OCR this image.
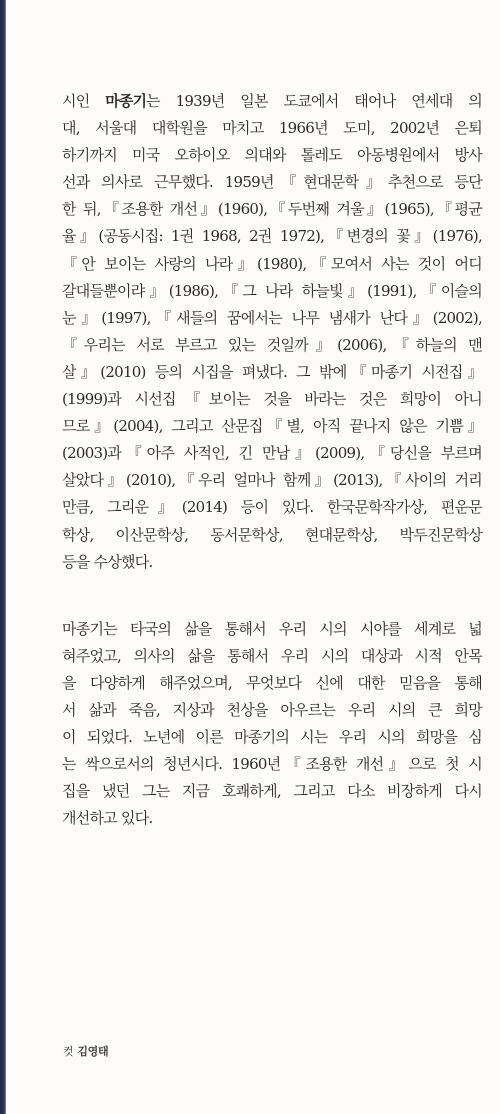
시인 마종기는 1939년 일본 도쿄에서 태어나 연세대 의
대, 서울대 대학원을 마치고 1966년 도미, 2002년 은퇴
하기까지 미국 오하이오 의대와 톨레도 아동병원에서 방사
선과 의사로 근무했다. 1959년『현대문학』추천으로 등단
한 뒤,『조용한 개선』(1960),『두번째 겨울』(1965),『평균
율』(공동시집: 1권 1968, 2권 1972),『변경의 꽃』(1976),
『안 보이는 사랑의 나라』(1980),『모여서 사는 것이 어디
갈대들뿐이랴』(1986),『그 나라 하늘빛』(1991),『이슬의
눈』(1997),『새들의 꿈에서는 나무 냄새가 난다』(2002),
『우리는 서로 부르고 있는 것일까』(2006),『하늘의 맨
살』(2010) 등의 시집을 펴냈다. 그 밖에『마종기 시전집』
(1999)과 시선집『보이는 것을 바라는 것은 희망이 아니
므로』(2004), 그리고 산문집『별, 아직 끝나지 않은 기쁨』
(2003)과『아주 사적인, 긴 만남』(2009),『당신을 부르며
살았다』(2010),『우리 얼마나 함께』(2013),『사이의 거리
만큼, 그리운』(2014) 등이 있다. 한국문학작가상, 편운문
학상, 이산문학상, 동서문학상, 현대문학상, 박두진문학상
등을 수상했다.
마종기는 타국의 삶을 통해서 우리 시의 시야를 세계로 넓
혀주었고, 의사의 삶을 통해서 우리 시의 대상과 시적 안목
을 다양하게 해주었으며, 무엇보다 신에 대한 믿음을 통해
서 삶과 죽음, 지상과 천상을 아우르는 우리 시의 큰 희망
이 되었다. 노년에 이른 마종기의 시는 우리 시의 희망을 심
는 싹으로서의 청년시다. 1960년『조용한 개선』으로 첫 시
집을 냈던 그는 지금 호쾌하게, 그리고 다소 비장하게 다시
개선하고 있다.
컷 김영태
